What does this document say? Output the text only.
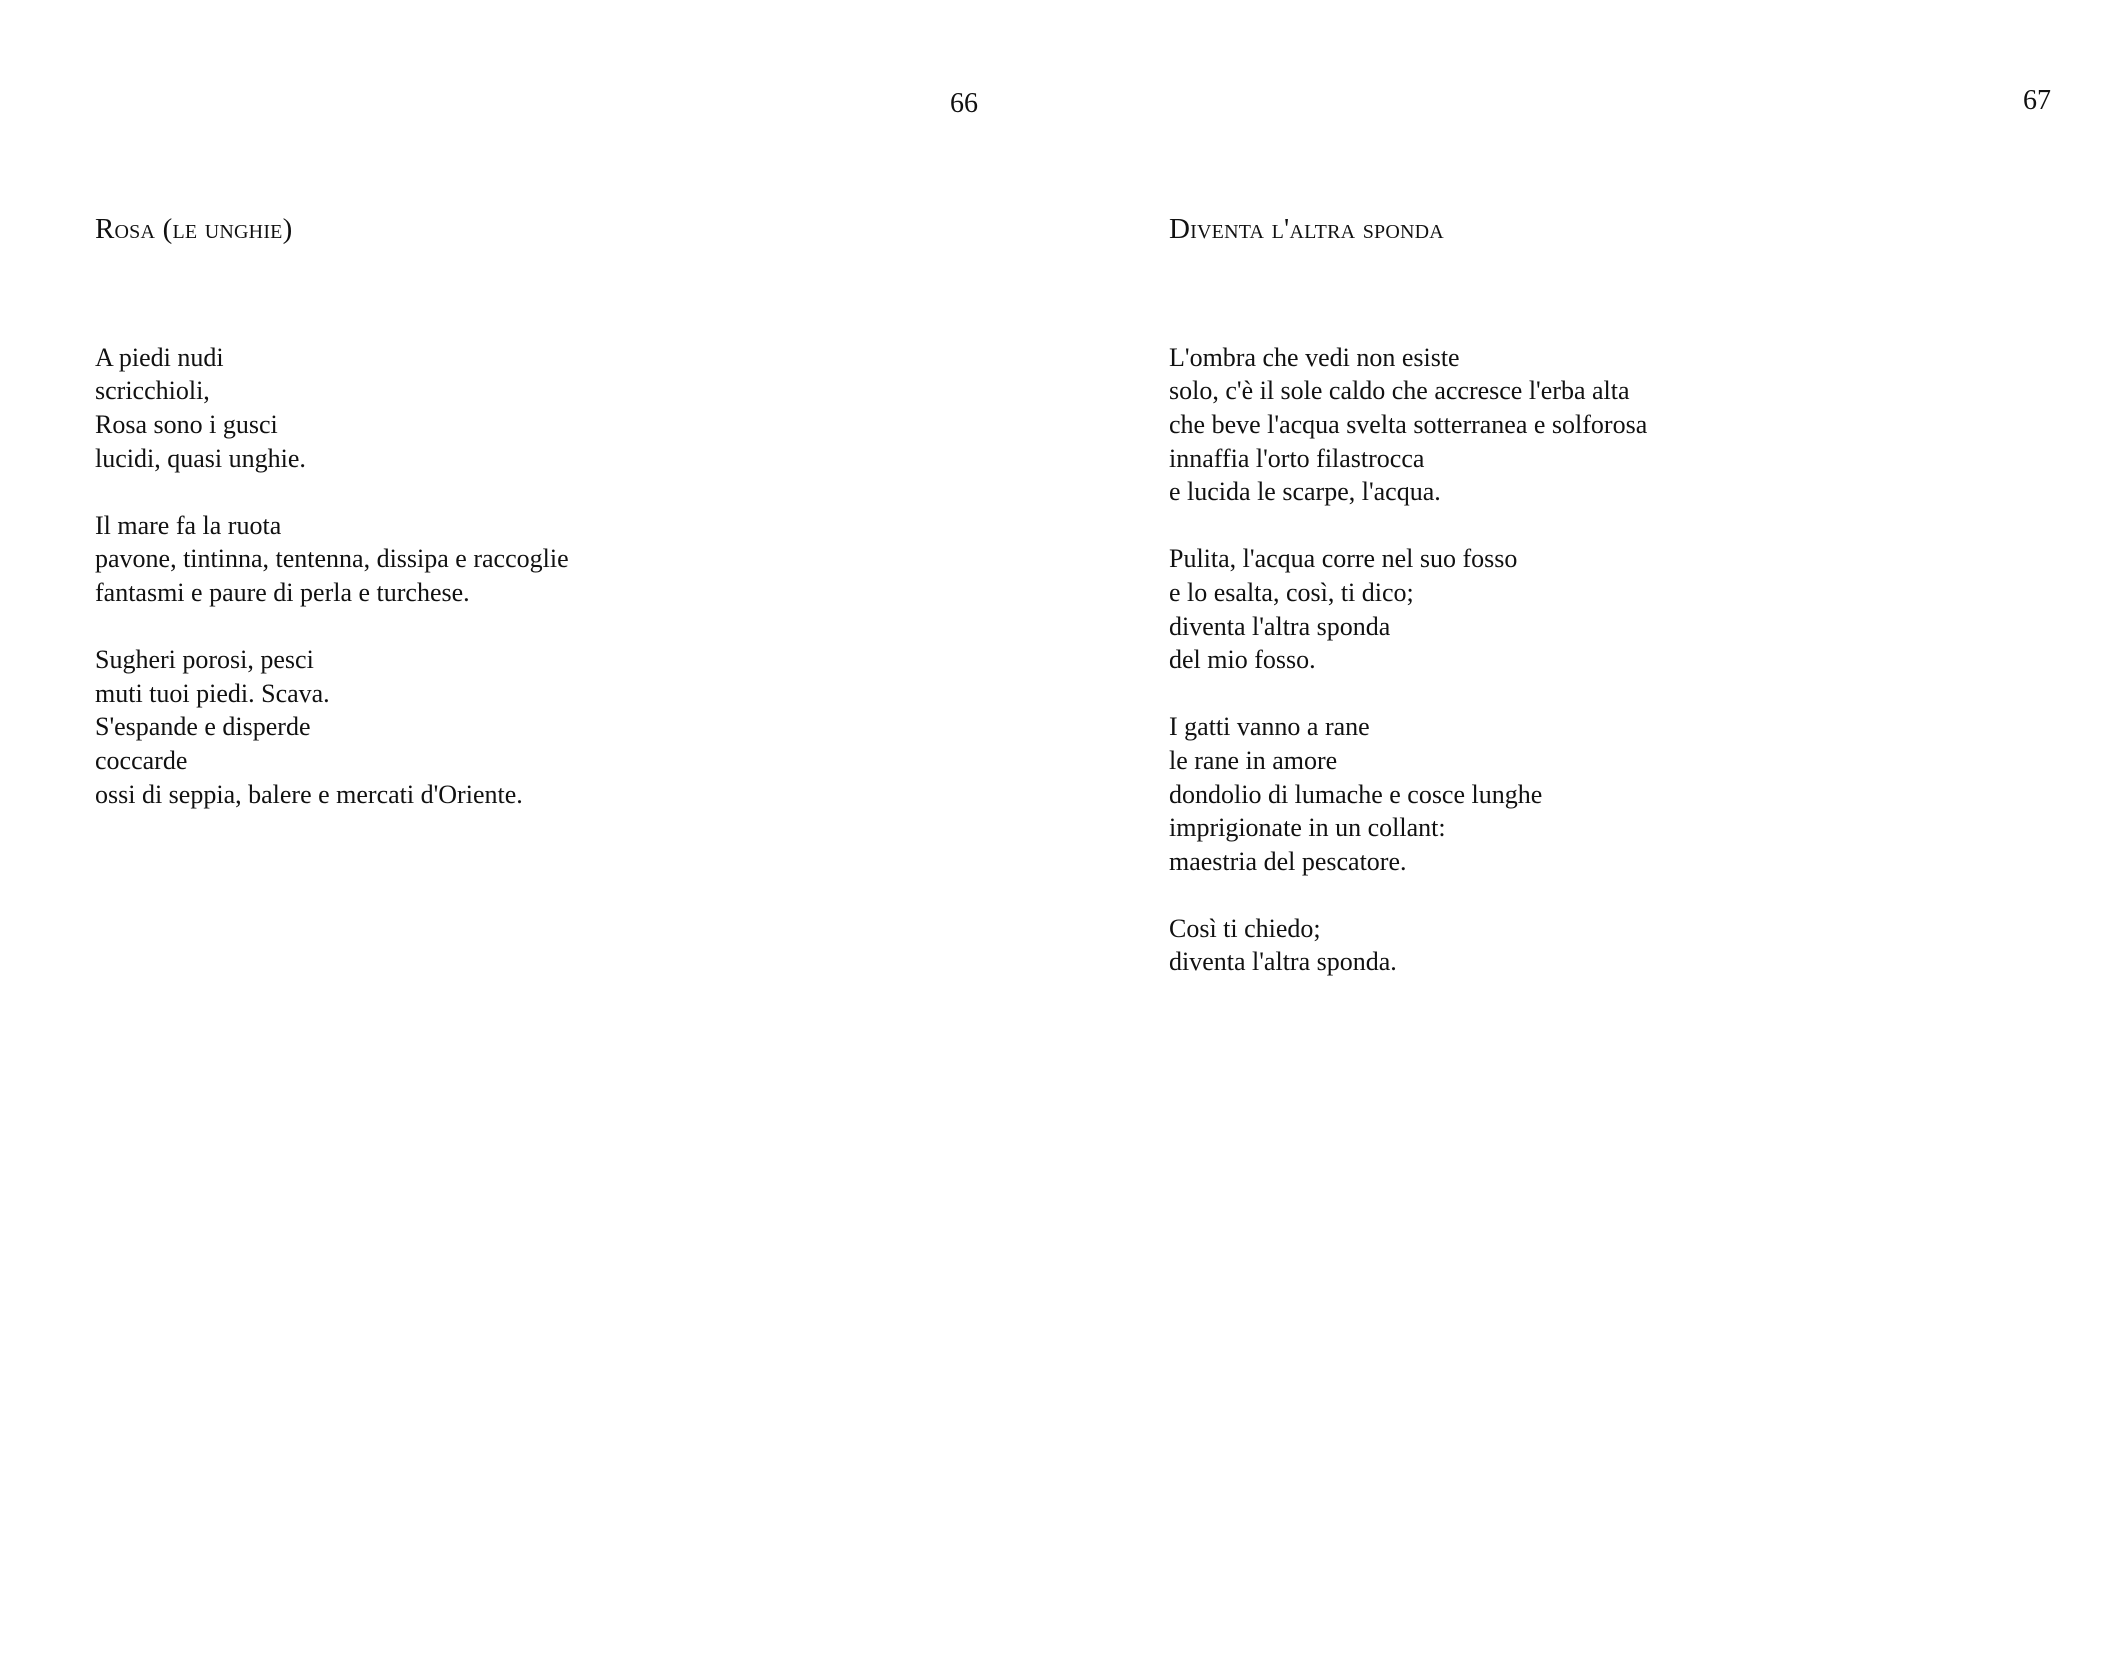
66	67
Rosa (le unghie)
A piedi nudi
scricchioli,
Rosa sono i gusci
lucidi, quasi unghie.
Il mare fa la ruota
pavone, tintinna, tentenna, dissipa e raccoglie
fantasmi e paure di perla e turchese.
Sugheri porosi, pesci
muti tuoi piedi. Scava.
S'espande e disperde
coccarde
ossi di seppia, balere e mercati d'Oriente.
Diventa l'altra sponda
L'ombra che vedi non esiste
solo, c'è il sole caldo che accresce l'erba alta
che beve l'acqua svelta sotterranea e solforosa
innaffia l'orto filastrocca
e lucida le scarpe, l'acqua.
Pulita, l'acqua corre nel suo fosso
e lo esalta, così, ti dico;
diventa l'altra sponda
del mio fosso.
I gatti vanno a rane
le rane in amore
dondolio di lumache e cosce lunghe
imprigionate in un collant:
maestria del pescatore.
Così ti chiedo;
diventa l'altra sponda.
